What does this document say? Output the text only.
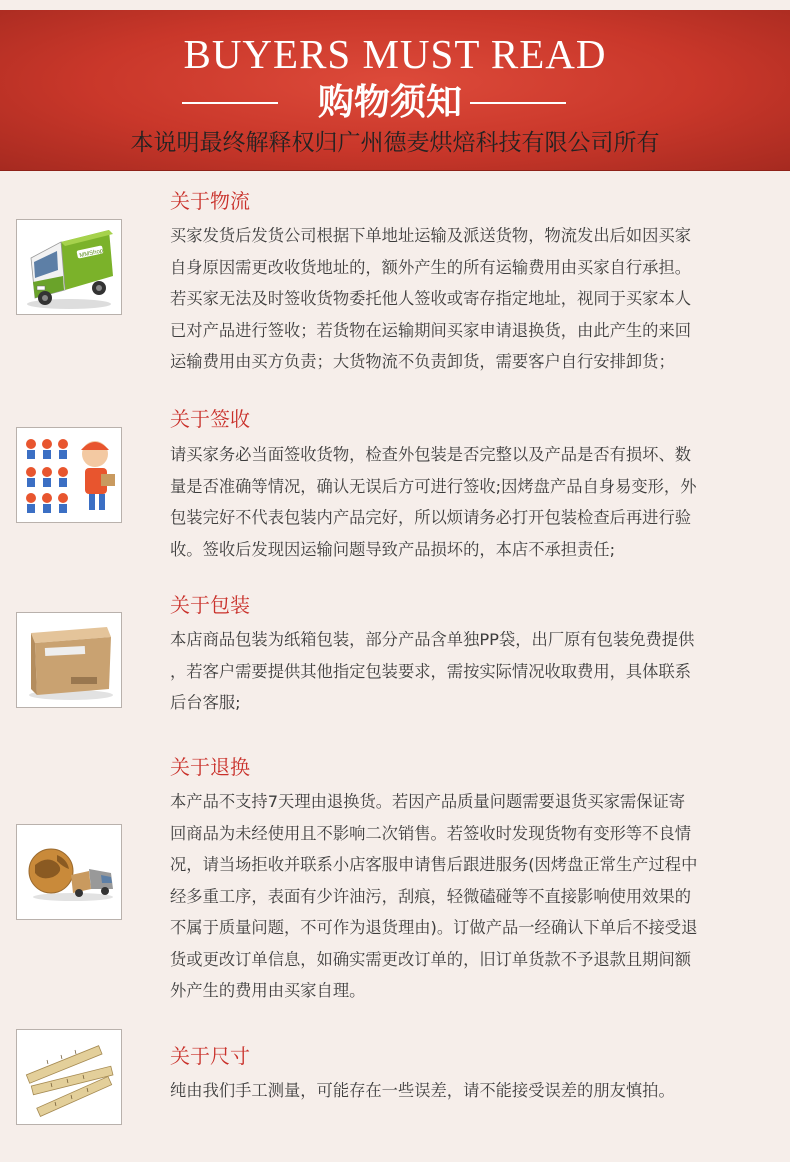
BUYERS MUST READ
购物须知
本说明最终解释权归广州德麦烘焙科技有限公司所有
MMShop
关于物流
买家发货后发货公司根据下单地址运输及派送货物，物流发出后如因买家
自身原因需更改收货地址的，额外产生的所有运输费用由买家自行承担。
若买家无法及时签收货物委托他人签收或寄存指定地址，视同于买家本人
已对产品进行签收；若货物在运输期间买家申请退换货，由此产生的来回
运输费用由买方负责；大货物流不负责卸货，需要客户自行安排卸货；
关于签收
请买家务必当面签收货物，检查外包装是否完整以及产品是否有损坏、数
量是否准确等情况，确认无误后方可进行签收;因烤盘产品自身易变形，外
包装完好不代表包装内产品完好，所以烦请务必打开包装检查后再进行验
收。签收后发现因运输问题导致产品损坏的，本店不承担责任;
关于包装
本店商品包装为纸箱包装，部分产品含单独PP袋，出厂原有包装免费提供
，若客户需要提供其他指定包装要求，需按实际情况收取费用，具体联系
后台客服;
关于退换
本产品不支持7天理由退换货。若因产品质量问题需要退货买家需保证寄
回商品为未经使用且不影响二次销售。若签收时发现货物有变形等不良情
况，请当场拒收并联系小店客服申请售后跟进服务(因烤盘正常生产过程中
经多重工序，表面有少许油污，刮痕，轻微磕碰等不直接影响使用效果的
不属于质量问题，不可作为退货理由)。订做产品一经确认下单后不接受退
货或更改订单信息，如确实需更改订单的，旧订单货款不予退款且期间额
外产生的费用由买家自理。
关于尺寸
纯由我们手工测量，可能存在一些误差，请不能接受误差的朋友慎拍。
